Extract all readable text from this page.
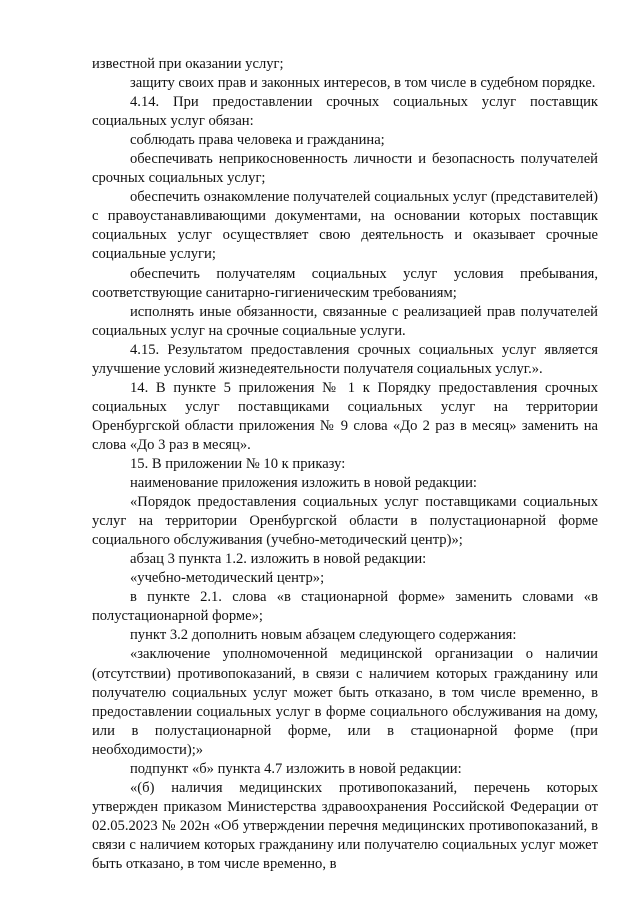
известной при оказании услуг;

защиту своих прав и законных интересов, в том числе в судебном порядке.

4.14. При предоставлении срочных социальных услуг поставщик социальных услуг обязан:

соблюдать права человека и гражданина;

обеспечивать неприкосновенность личности и безопасность получателей срочных социальных услуг;

обеспечить ознакомление получателей социальных услуг (представителей) с правоустанавливающими документами, на основании которых поставщик социальных услуг осуществляет свою деятельность и оказывает срочные социальные услуги;

обеспечить получателям социальных услуг условия пребывания, соответствующие санитарно-гигиеническим требованиям;

исполнять иные обязанности, связанные с реализацией прав получателей социальных услуг на срочные социальные услуги.

4.15. Результатом предоставления срочных социальных услуг является улучшение условий жизнедеятельности получателя социальных услуг.».

14. В пункте 5 приложения № 1 к Порядку предоставления срочных социальных услуг поставщиками социальных услуг на территории Оренбургской области приложения № 9 слова «До 2 раз в месяц» заменить на слова «До 3 раз в месяц».

15. В приложении № 10 к приказу:

наименование приложения изложить в новой редакции:

«Порядок предоставления социальных услуг поставщиками социальных услуг на территории Оренбургской области в полустационарной форме социального обслуживания (учебно-методический центр)»;

абзац 3 пункта 1.2. изложить в новой редакции:

«учебно-методический центр»;

в пункте 2.1. слова «в стационарной форме» заменить словами «в полустационарной форме»;

пункт 3.2 дополнить новым абзацем следующего содержания:

«заключение уполномоченной медицинской организации о наличии (отсутствии) противопоказаний, в связи с наличием которых гражданину или получателю социальных услуг может быть отказано, в том числе временно, в предоставлении социальных услуг в форме социального обслуживания на дому, или в полустационарной форме, или в стационарной форме (при необходимости);»

подпункт «б» пункта 4.7 изложить в новой редакции:

«(б) наличия медицинских противопоказаний, перечень которых утвержден приказом Министерства здравоохранения Российской Федерации от 02.05.2023 № 202н «Об утверждении перечня медицинских противопоказаний, в связи с наличием которых гражданину или получателю социальных услуг может быть отказано, в том числе временно, в
